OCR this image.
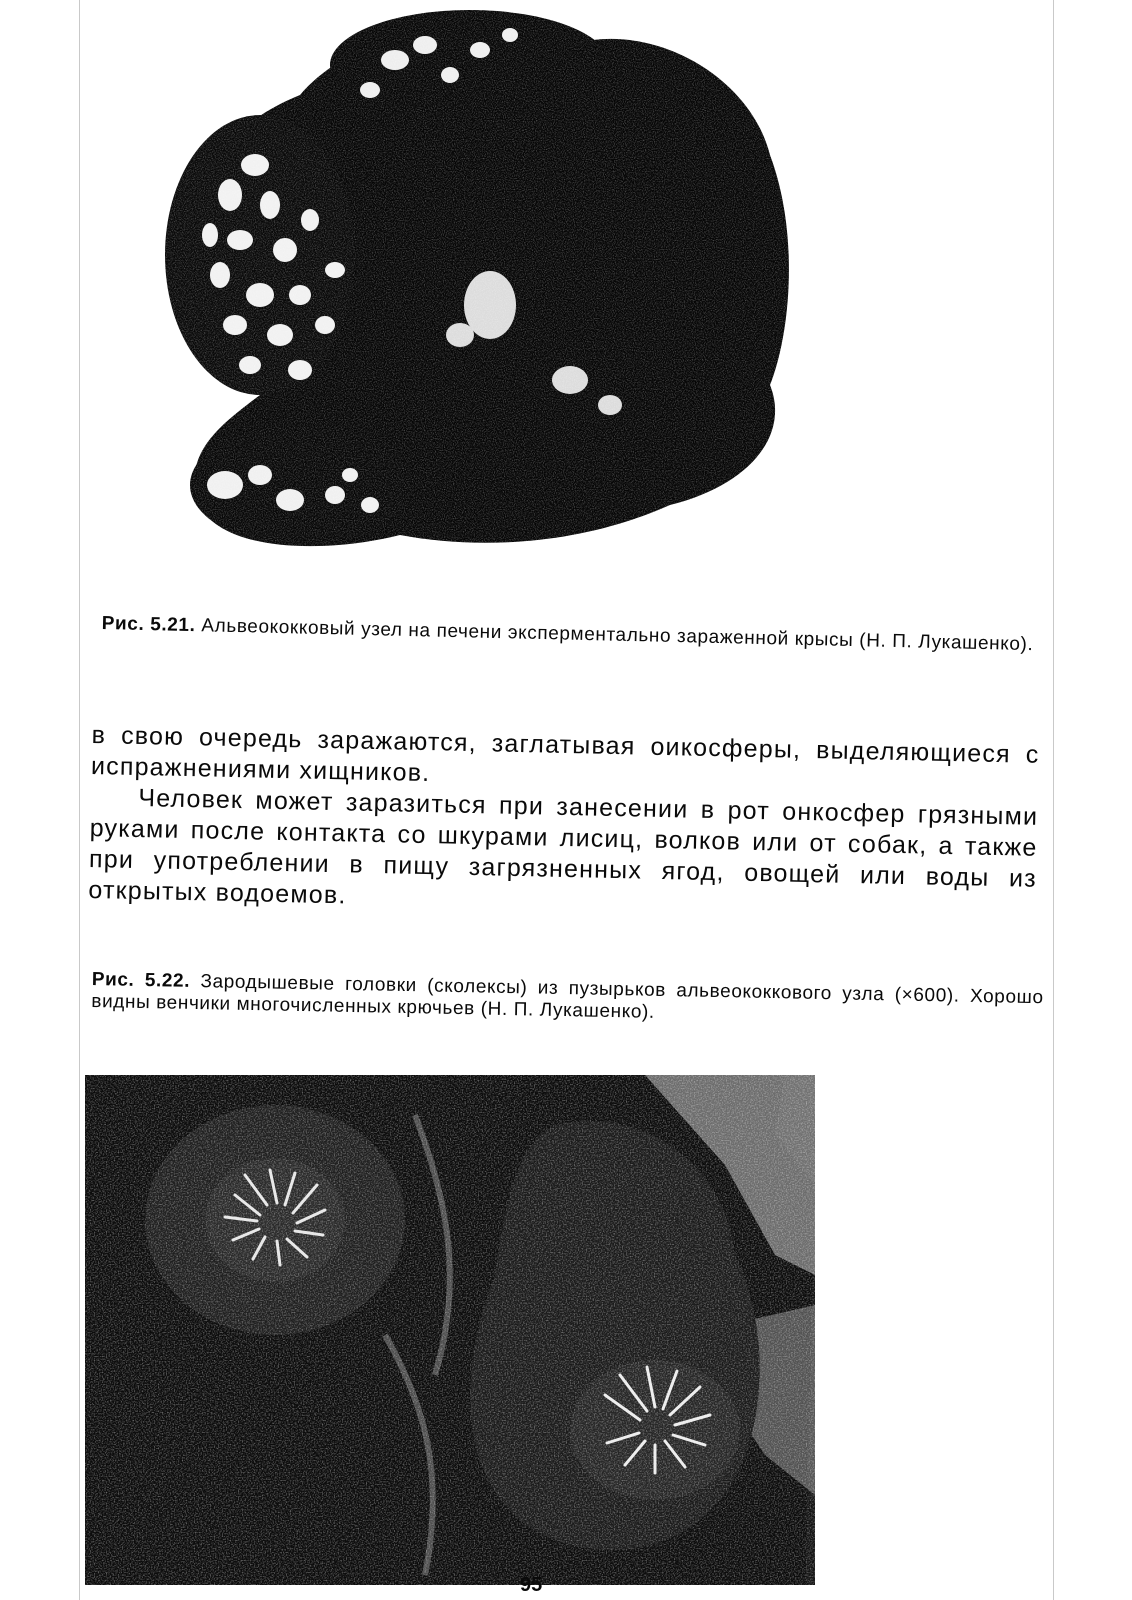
Рис. 5.21. Альвеококковый узел на печени эксперментально зараженной крысы (Н. П. Лукашенко).

в свою очередь заражаются, заглатывая оикосферы, выделяющиеся с испражнениями хищников.

Человек может заразиться при занесении в рот онкосфер грязными руками после контакта со шкурами лисиц, волков или от собак, а также при употреблении в пищу загрязненных ягод, овощей или воды из открытых водоемов.

Рис. 5.22. Зародышевые головки (сколексы) из пузырьков альвеококкового узла (×600). Хорошо видны венчики многочисленных крючьев (Н. П. Лукашенко).
95
